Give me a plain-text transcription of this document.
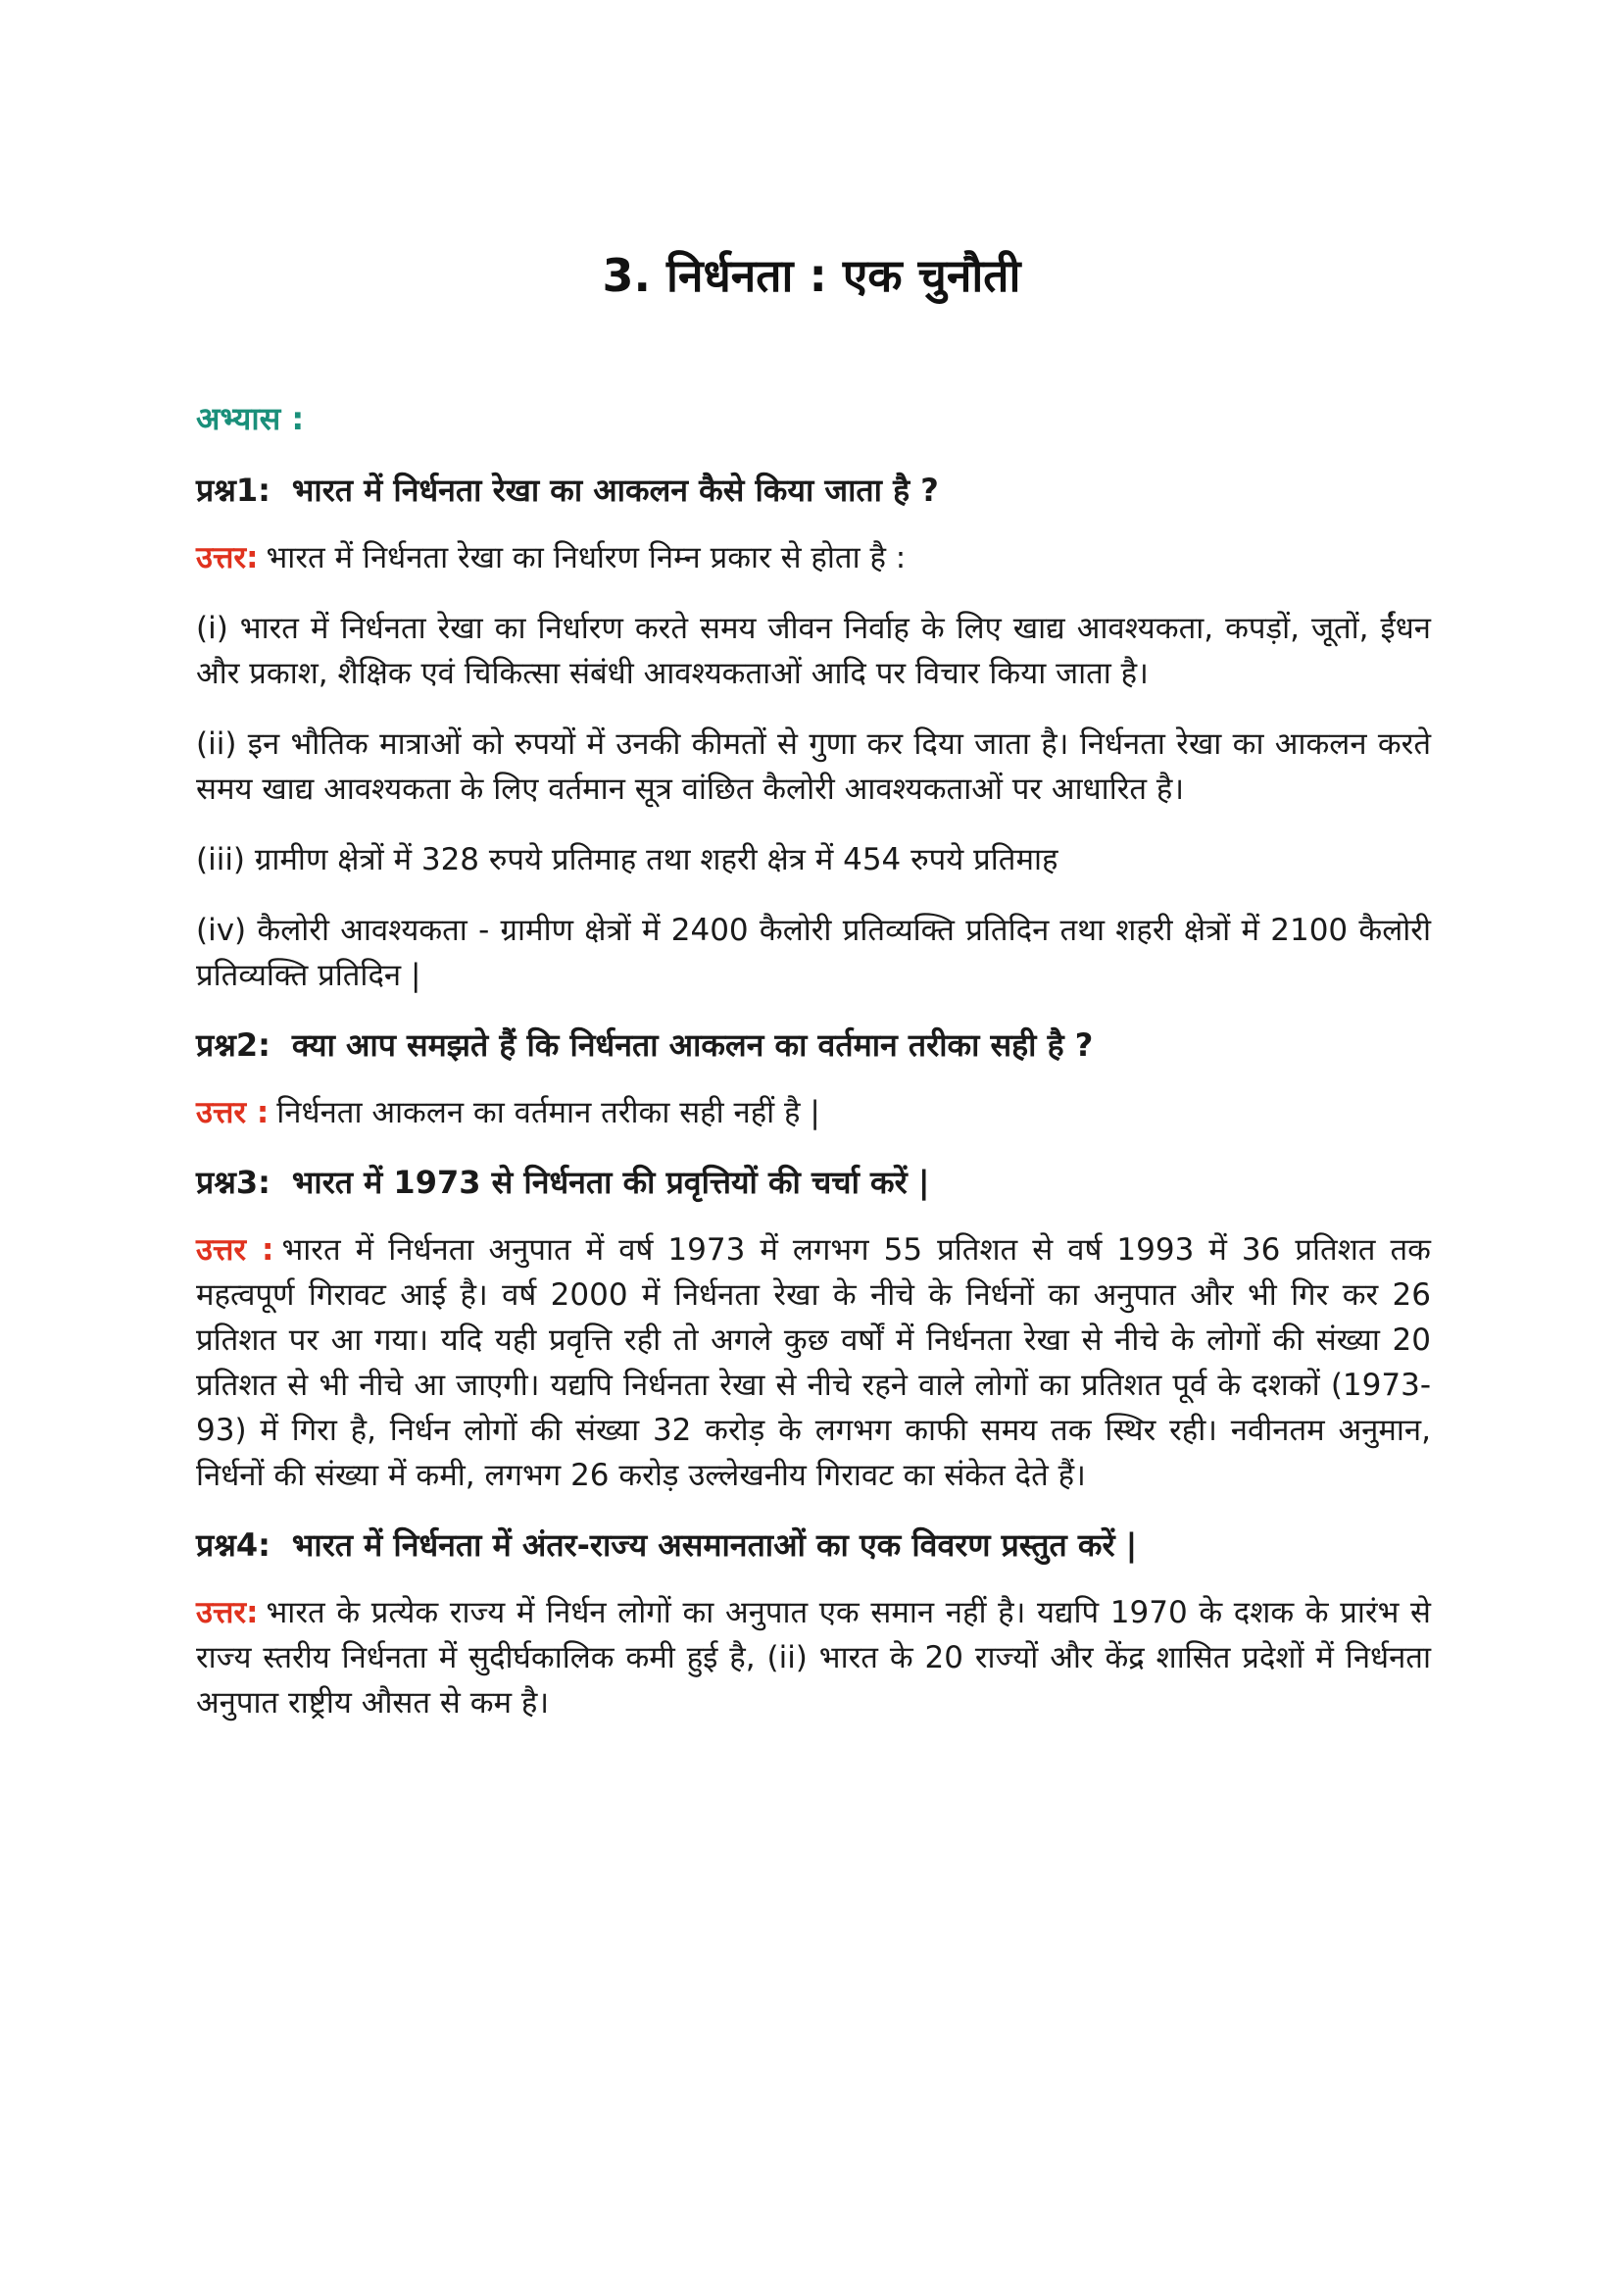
3. निर्धनता : एक चुनौती
अभ्यास :
प्रश्न1: भारत में निर्धनता रेखा का आकलन कैसे किया जाता है ?
उत्तर: भारत में निर्धनता रेखा का निर्धारण निम्न प्रकार से होता है :
(i) भारत में निर्धनता रेखा का निर्धारण करते समय जीवन निर्वाह के लिए खाद्य आवश्यकता, कपड़ों, जूतों, ईंधन और प्रकाश, शैक्षिक एवं चिकित्सा संबंधी आवश्यकताओं आदि पर विचार किया जाता है।
(ii) इन भौतिक मात्राओं को रुपयों में उनकी कीमतों से गुणा कर दिया जाता है। निर्धनता रेखा का आकलन करते समय खाद्य आवश्यकता के लिए वर्तमान सूत्र वांछित कैलोरी आवश्यकताओं पर आधारित है।
(iii) ग्रामीण क्षेत्रों में 328 रुपये प्रतिमाह तथा शहरी क्षेत्र में 454 रुपये प्रतिमाह
(iv) कैलोरी आवश्यकता - ग्रामीण क्षेत्रों में 2400 कैलोरी प्रतिव्यक्ति प्रतिदिन तथा शहरी क्षेत्रों में 2100 कैलोरी प्रतिव्यक्ति प्रतिदिन |
प्रश्न2: क्या आप समझते हैं कि निर्धनता आकलन का वर्तमान तरीका सही है ?
उत्तर : निर्धनता आकलन का वर्तमान तरीका सही नहीं है |
प्रश्न3: भारत में 1973 से निर्धनता की प्रवृत्तियों की चर्चा करें |
उत्तर : भारत में निर्धनता अनुपात में वर्ष 1973 में लगभग 55 प्रतिशत से वर्ष 1993 में 36 प्रतिशत तक महत्वपूर्ण गिरावट आई है। वर्ष 2000 में निर्धनता रेखा के नीचे के निर्धनों का अनुपात और भी गिर कर 26 प्रतिशत पर आ गया। यदि यही प्रवृत्ति रही तो अगले कुछ वर्षों में निर्धनता रेखा से नीचे के लोगों की संख्या 20 प्रतिशत से भी नीचे आ जाएगी। यद्यपि निर्धनता रेखा से नीचे रहने वाले लोगों का प्रतिशत पूर्व के दशकों (1973-93) में गिरा है, निर्धन लोगों की संख्या 32 करोड़ के लगभग काफी समय तक स्थिर रही। नवीनतम अनुमान, निर्धनों की संख्या में कमी, लगभग 26 करोड़ उल्लेखनीय गिरावट का संकेत देते हैं।
प्रश्न4: भारत में निर्धनता में अंतर-राज्य असमानताओं का एक विवरण प्रस्तुत करें |
उत्तर: भारत के प्रत्येक राज्य में निर्धन लोगों का अनुपात एक समान नहीं है। यद्यपि 1970 के दशक के प्रारंभ से राज्य स्तरीय निर्धनता में सुदीर्घकालिक कमी हुई है, (ii) भारत के 20 राज्यों और केंद्र शासित प्रदेशों में निर्धनता अनुपात राष्ट्रीय औसत से कम है।
